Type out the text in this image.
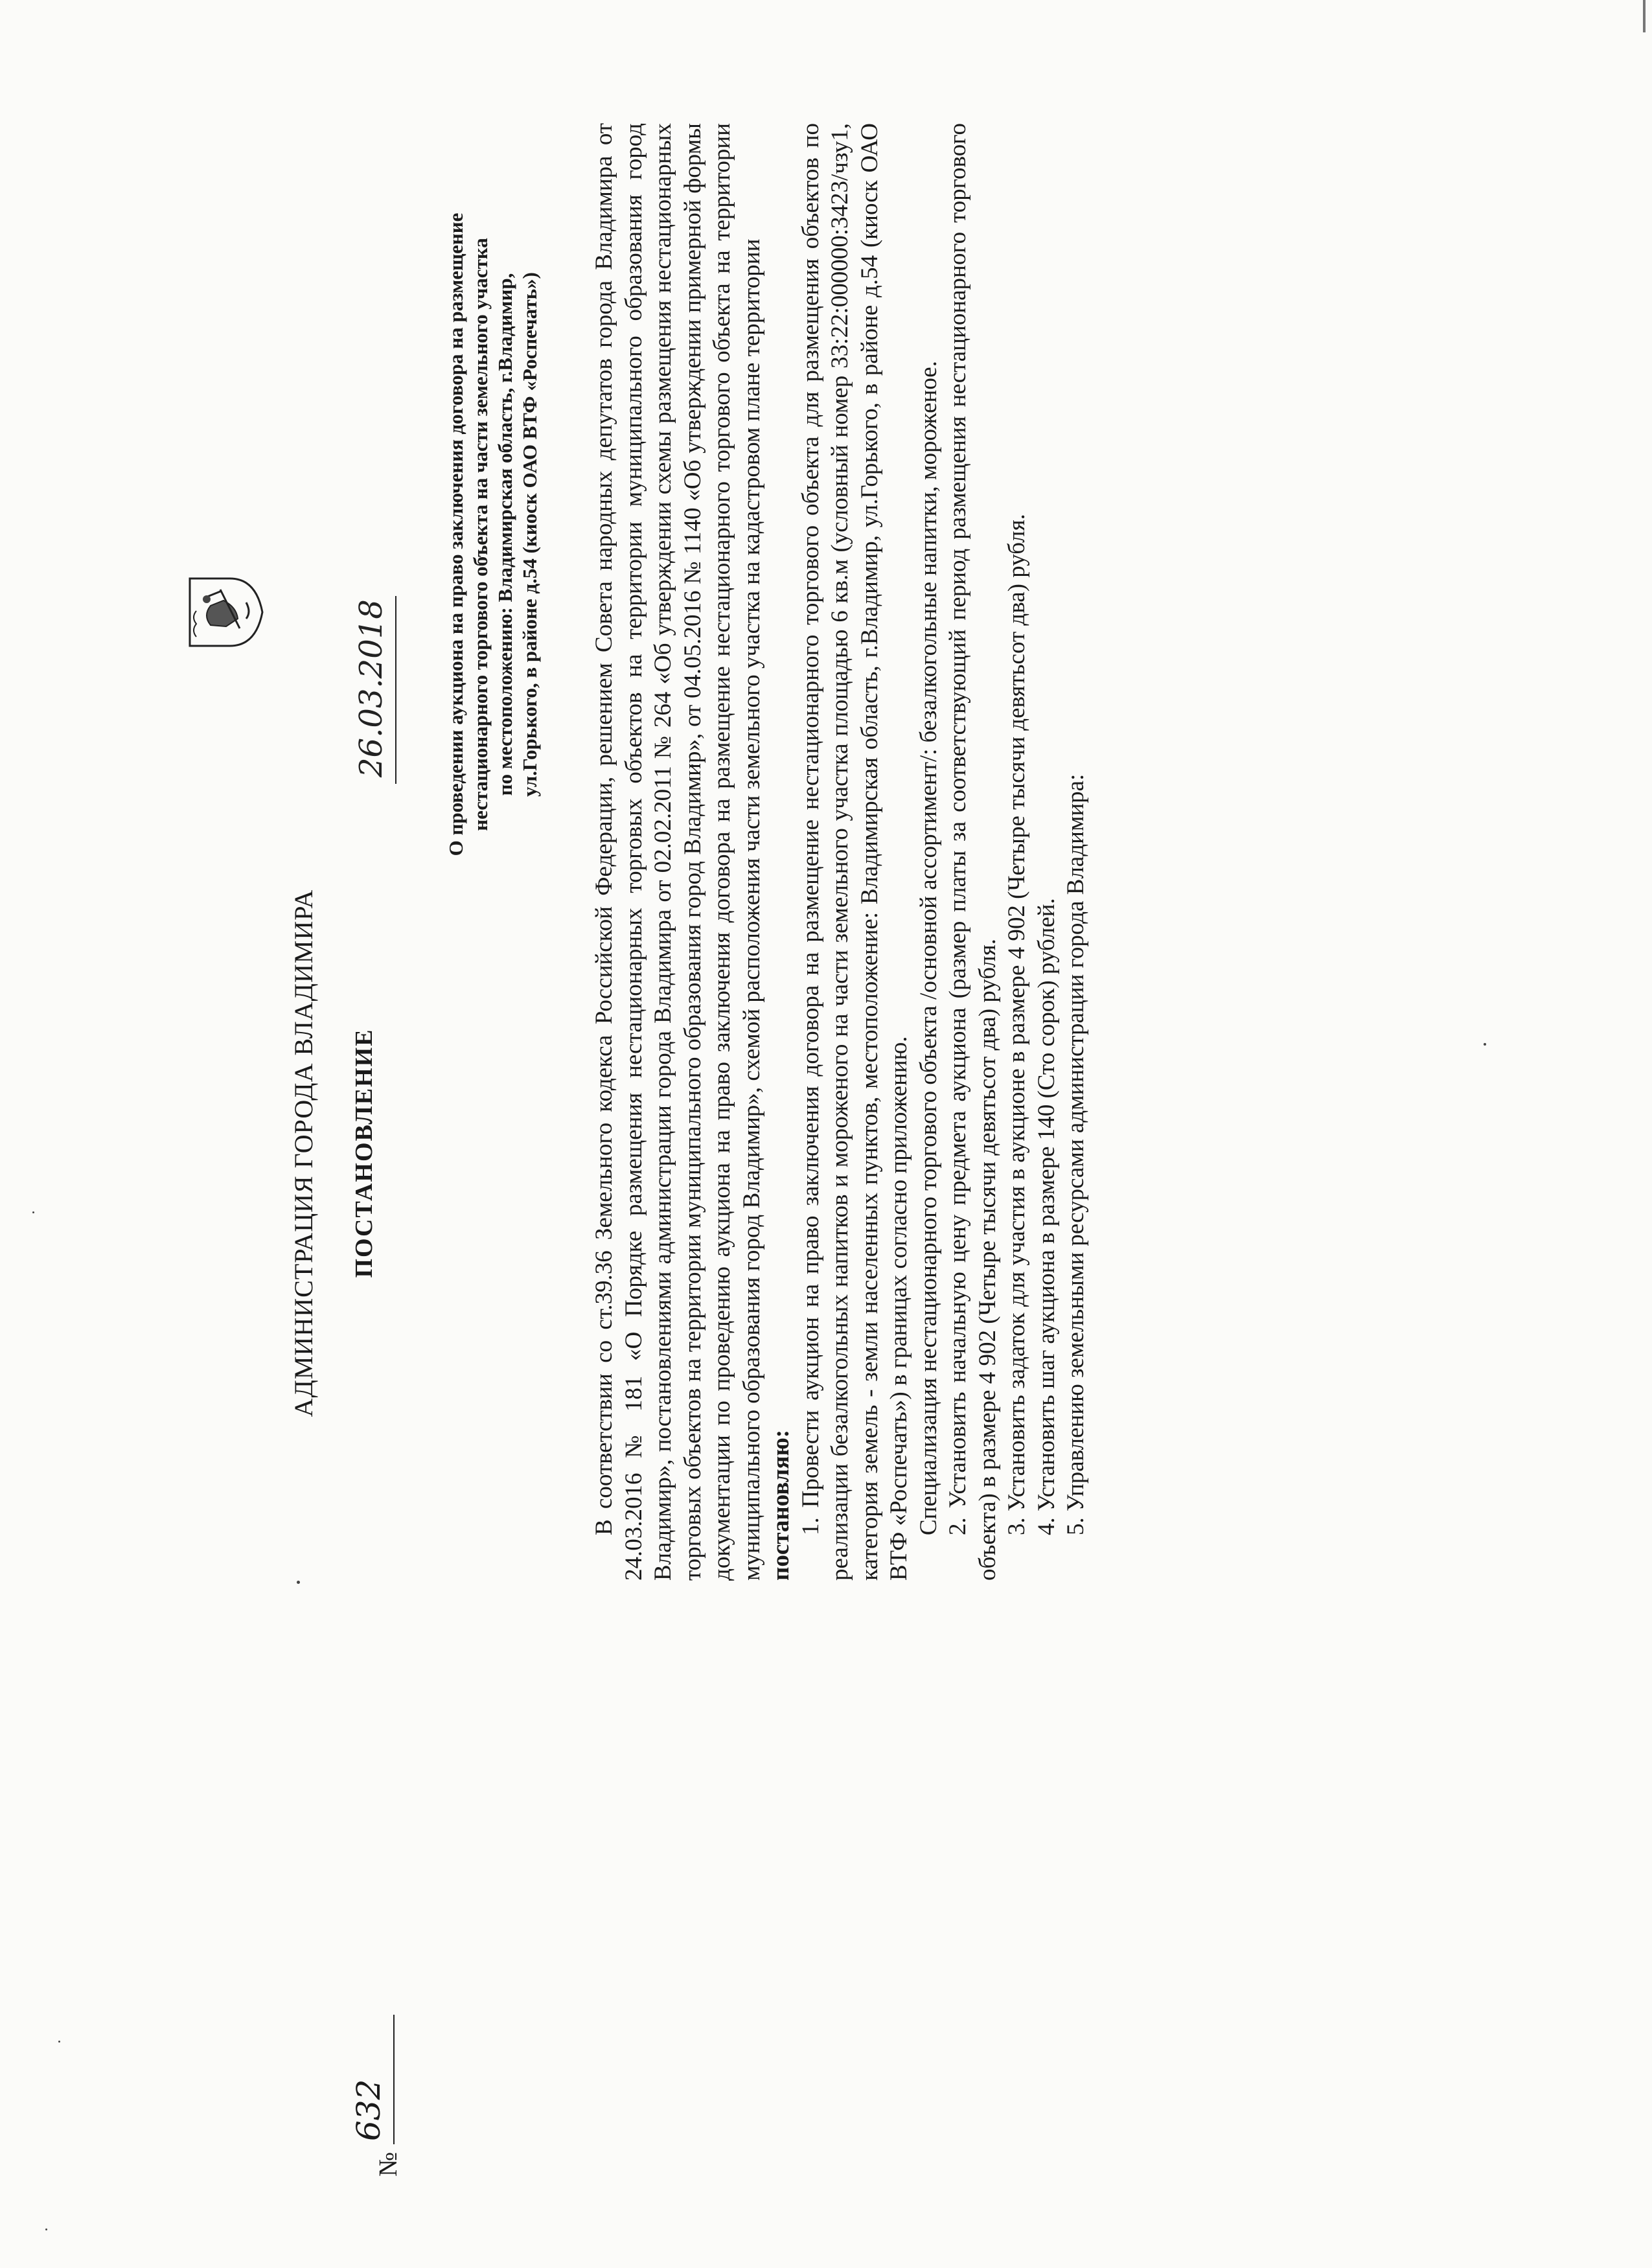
АДМИНИСТРАЦИЯ ГОРОДА ВЛАДИМИРА ПОСТАНОВЛЕНИЕ
26.03.2018
№
632
О проведении аукциона на право заключения договора на размещение нестационарного торгового объекта на части земельного участка по местоположению: Владимирская область, г.Владимир, ул.Горького, в районе д.54 (киоск ОАО ВТФ «Роспечать») В соответствии со ст.39.36 Земельного кодекса Российской Федерации, решением Совета народных депутатов города Владимира от 24.03.2016 № 181 «О Порядке размещения нестационарных торговых объектов на территории муниципального образования город Владимир», постановлениями администрации города Владимира от 02.02.2011 № 264 «Об утверждении схемы размещения нестационарных торговых объектов на территории муниципального образования город Владимир», от 04.05.2016 № 1140 «Об утверждении примерной формы документации по проведению аукциона на право заключения договора на размещение нестационарного торгового объекта на территории муниципального образования город Владимир», схемой расположения части земельного участка на кадастровом плане территории постановляю: 1. Провести аукцион на право заключения договора на размещение нестационарного торгового объекта для размещения объектов по реализации безалкогольных напитков и мороженого на части земельного участка площадью 6 кв.м (условный номер 33:22:000000:3423/чзу1, категория земель - земли населенных пунктов, местоположение: Владимирская область, г.Владимир, ул.Горького, в районе д.54 (киоск ОАО ВТФ «Роспечать») в границах согласно приложению. Специализация нестационарного торгового объекта /основной ассортимент/: безалкогольные напитки, мороженое. 2. Установить начальную цену предмета аукциона (размер платы за соответствующий период размещения нестационарного торгового объекта) в размере 4 902 (Четыре тысячи девятьсот два) рубля. 3. Установить задаток для участия в аукционе в размере 4 902 (Четыре тысячи девятьсот два) рубля. 4. Установить шаг аукциона в размере 140 (Сто сорок) рублей. 5. Управлению земельными ресурсами администрации города Владимира:
